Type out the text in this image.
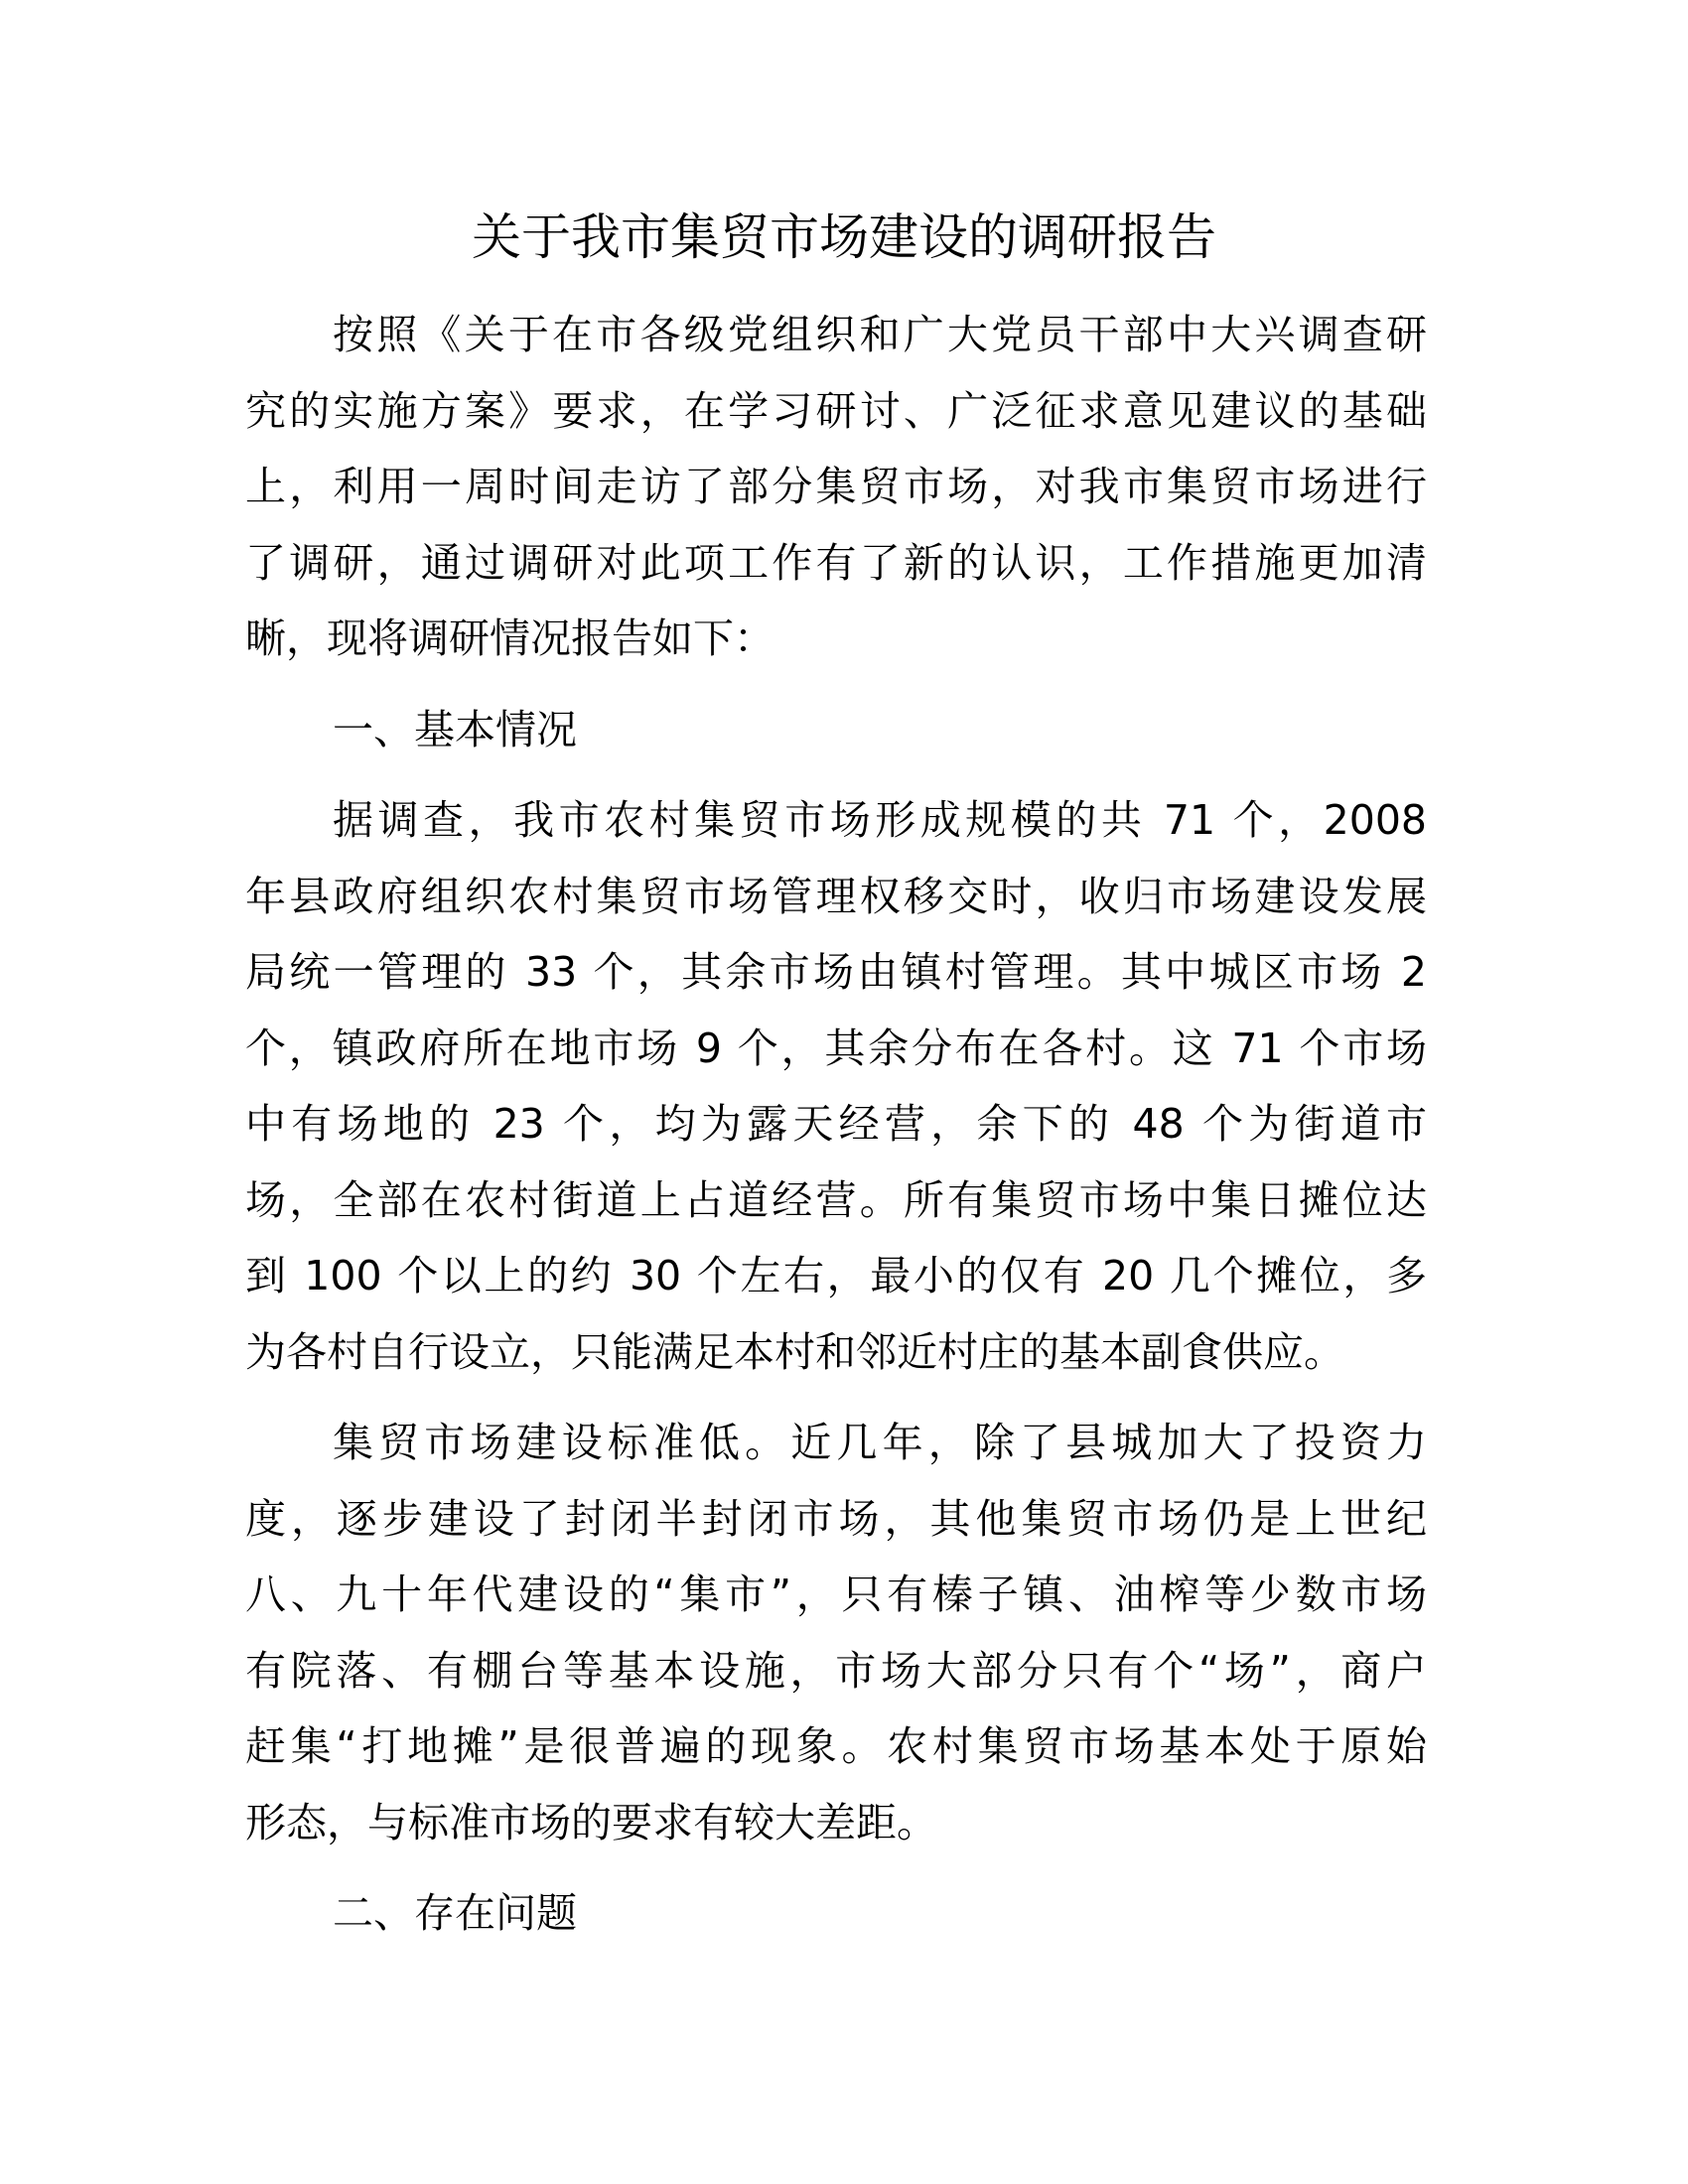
关于我市集贸市场建设的调研报告
按照《关于在市各级党组织和广大党员干部中大兴调查研
究的实施方案》要求，在学习研讨、广泛征求意见建议的基础
上，利用一周时间走访了部分集贸市场，对我市集贸市场进行
了调研，通过调研对此项工作有了新的认识，工作措施更加清
晰，现将调研情况报告如下：
一、基本情况
据调查，我市农村集贸市场形成规模的共 71 个，2008
年县政府组织农村集贸市场管理权移交时，收归市场建设发展
局统一管理的 33 个，其余市场由镇村管理。其中城区市场 2
个，镇政府所在地市场 9 个，其余分布在各村。这 71 个市场
中有场地的 23 个，均为露天经营，余下的 48 个为街道市
场，全部在农村街道上占道经营。所有集贸市场中集日摊位达
到 100 个以上的约 30 个左右，最小的仅有 20 几个摊位，多
为各村自行设立，只能满足本村和邻近村庄的基本副食供应。
集贸市场建设标准低。近几年，除了县城加大了投资力
度，逐步建设了封闭半封闭市场，其他集贸市场仍是上世纪
八、九十年代建设的“集市”，只有榛子镇、油榨等少数市场
有院落、有棚台等基本设施，市场大部分只有个“场”，商户
赶集“打地摊”是很普遍的现象。农村集贸市场基本处于原始
形态，与标准市场的要求有较大差距。
二、存在问题
